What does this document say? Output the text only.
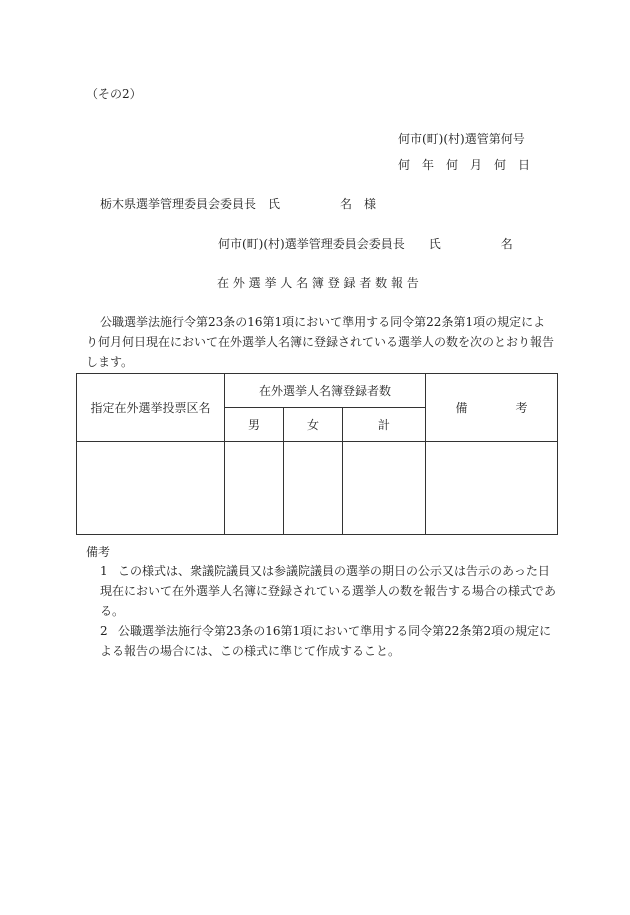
（その2）
何市(町)(村)選管第何号
何　年　何　月　何　日
栃木県選挙管理委員会委員長　氏　　　　　名　様
何市(町)(村)選挙管理委員会委員長　　氏　　　　　名
在 外 選 挙 人 名 簿 登 録 者 数 報 告
公職選挙法施行令第23条の16第1項において準用する同令第22条第1項の規定により何月何日現在において在外選挙人名簿に登録されている選挙人の数を次のとおり報告します。
指定在外選挙投票区名	在外選挙人名簿登録者数			備　　　　考
	男	女	計	

備考
1 この様式は、衆議院議員又は参議院議員の選挙の期日の公示又は告示のあった日現在において在外選挙人名簿に登録されている選挙人の数を報告する場合の様式である。
2 公職選挙法施行令第23条の16第1項において準用する同令第22条第2項の規定による報告の場合には、この様式に準じて作成すること。
